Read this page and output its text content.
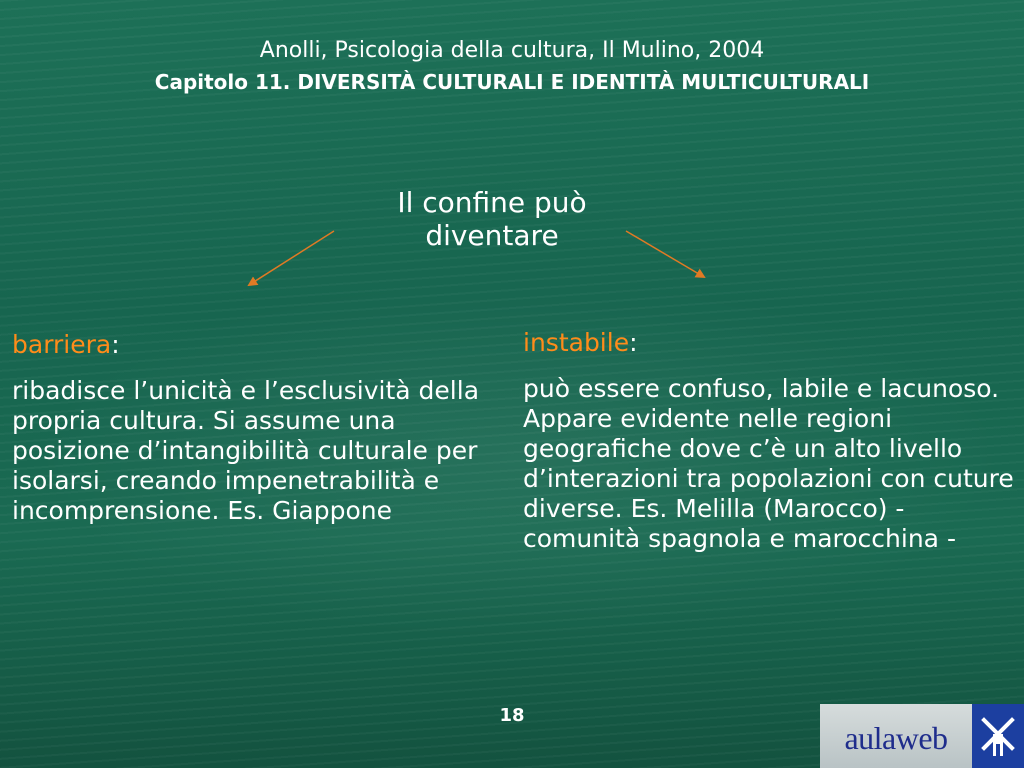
Anolli, Psicologia della cultura, Il Mulino, 2004
Capitolo 11. DIVERSITÀ CULTURALI E IDENTITÀ MULTICULTURALI
Il confine può
diventare
barriera:

ribadisce l’unicità e l’esclusività della propria cultura. Si assume una posizione d’intangibilità culturale per isolarsi, creando impenetrabilità e incomprensione. Es. Giappone

instabile:

può essere confuso, labile e lacunoso. Appare evidente nelle regioni geografiche dove c’è un alto livello d’interazioni tra popolazioni con cuture diverse. Es. Melilla (Marocco) - comunità spagnola e marocchina -

18
aulaweb
